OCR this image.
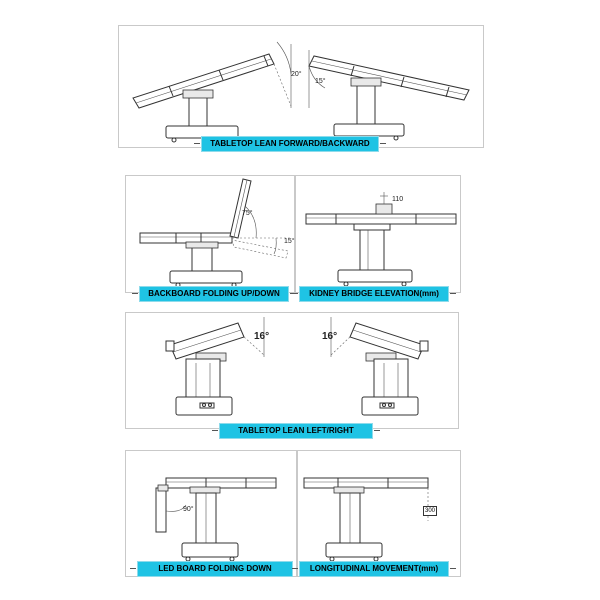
20°
15°
TABLETOP LEAN FORWARD/BACKWARD
75°
15°
BACKBOARD FOLDING UP/DOWN
110
KIDNEY BRIDGE ELEVATION(mm)
16°	16°
TABLETOP LEAN LEFT/RIGHT
90°
LED BOARD FOLDING DOWN
300
LONGITUDINAL MOVEMENT(mm)
